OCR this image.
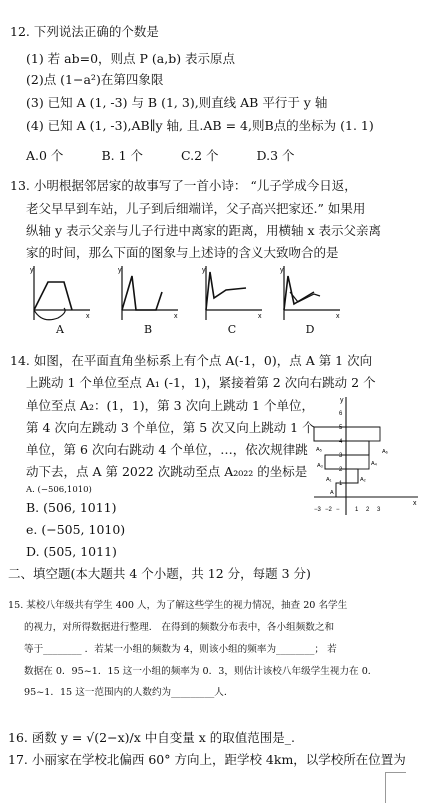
12. 下列说法正确的个数是
(1) 若 ab=0，则点 P (a,b) 表示原点
(2)点 (1−a²)在第四象限
(3) 已知 A (1, -3) 与 B (1, 3),则直线 AB 平行于 y 轴
(4) 已知 A (1, -3),AB∥y 轴, 且.AB = 4,则B点的坐标为 (1. 1)
A.0 个	B. 1 个	C.2 个	D.3 个
13. 小明根据邻居家的故事写了一首小诗： “儿子学成今日返，
老父早早到车站，儿子到后细端详，父子高兴把家还.” 如果用
纵轴 y 表示父亲与儿子行进中离家的距离，用横轴 x 表示父亲离
家的时间，那么下面的图象与上述诗的含义大致吻合的是
y
x
A
y
x
B
y
x
C
y
x
D
14. 如图，在平面直角坐标系上有个点 A(-1，0)，点 A 第 1 次向
上跳动 1 个单位至点 A₁ (-1，1)，紧接着第 2 次向右跳动 2 个
单位至点 A₂：(1，1)，第 3 次向上跳动 1 个单位，
第 4 次向左跳动 3 个单位，第 5 次又向上跳动 1 个
单位，第 6 次向右跳动 4 个单位，…，依次规律跳
动下去，点 A 第 2022 次跳动至点 A₂₀₂₂ 的坐标是
A. (−506,1010)
B. (506, 1011)
e. (−505, 1010)
D. (505, 1011)
y
x
6
5
4
3
2
1
−3 −2 −	1 2 3
A₁	A₂
A₃	A₄
A₅	A₆
A
二、填空题(本大题共 4 个小题，共 12 分，每题 3 分)
15. 某校八年级共有学生 400 人，为了解这些学生的视力情况，抽查 20 名学生
的视力，对所得数据进行整理． 在得到的频数分布表中，各小组频数之和
等于________ ．若某一小组的频数为 4，则该小组的频率为________； 若
数据在 0．95~1．15 这一小组的频率为 0．3，则估计该校八年级学生视力在 0．
95~1．15 这一范围内的人数约为_________人．
16. 函数 y = √(2−x)/x 中自变量 x 的取值范围是_.
17. 小丽家在学校北偏西 60° 方向上，距学校 4km，以学校所在位置为
